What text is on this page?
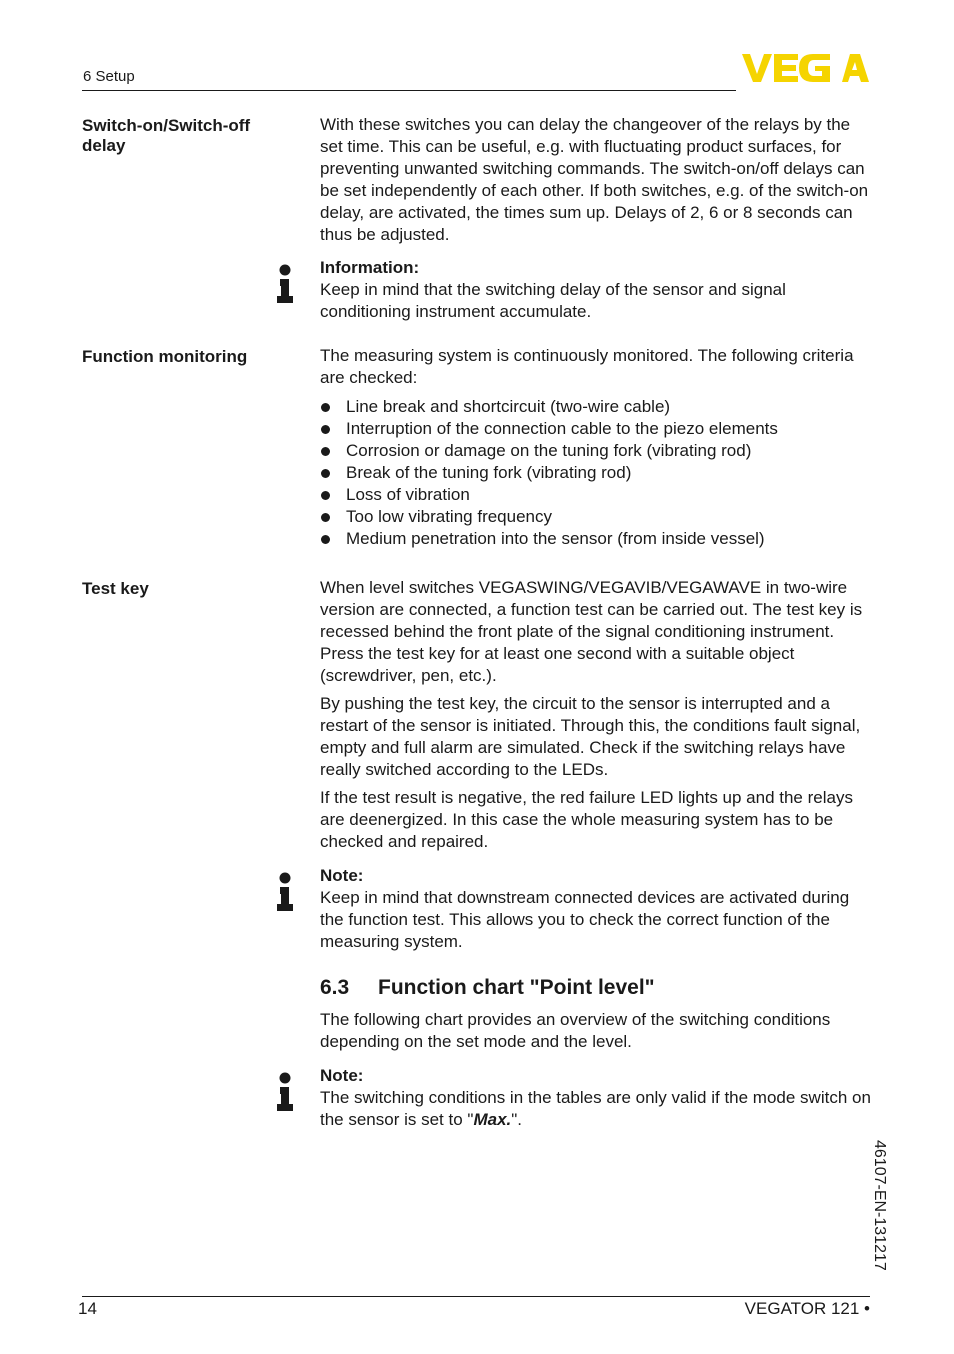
6 Setup
Switch-on/Switch-off delay

With these switches you can delay the changeover of the relays by the set time. This can be useful, e.g. with fluctuating product surfaces, for preventing unwanted switching commands. The switch-on/off delays can be set independently of each other. If both switches, e.g. of the switch-on delay, are activated, the times sum up. Delays of 2, 6 or 8 seconds can thus be adjusted.

Information:

Keep in mind that the switching delay of the sensor and signal conditioning instrument accumulate.

Function monitoring	The measuring system is continuously monitored. The following criteria are checked:

Line break and shortcircuit (two-wire cable)
Interruption of the connection cable to the piezo elements
Corrosion or damage on the tuning fork (vibrating rod)
Break of the tuning fork (vibrating rod)
Loss of vibration
Too low vibrating frequency
Medium penetration into the sensor (from inside vessel)
Test key	When level switches VEGASWING/VEGAVIB/VEGAWAVE in two-wire version are connected, a function test can be carried out. The test key is recessed behind the front plate of the signal conditioning instrument. Press the test key for at least one second with a suitable object (screwdriver, pen, etc.).

By pushing the test key, the circuit to the sensor is interrupted and a restart of the sensor is initiated. Through this, the conditions fault signal, empty and full alarm are simulated. Check if the switching relays have really switched according to the LEDs.

If the test result is negative, the red failure LED lights up and the relays are deenergized. In this case the whole measuring system has to be checked and repaired.

Note:

Keep in mind that downstream connected devices are activated during the function test. This allows you to check the correct function of the measuring system.

6.3 Function chart "Point level"

The following chart provides an overview of the switching conditions depending on the set mode and the level.

Note:

The switching conditions in the tables are only valid if the mode switch on the sensor is set to "Max.".

46107-EN-131217
14	VEGATOR 121 •
